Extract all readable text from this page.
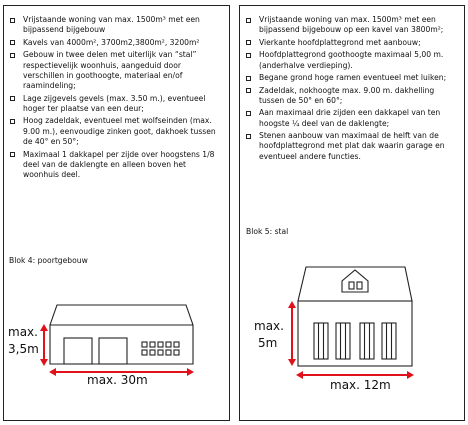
Vrijstaande woning van max. 1500m³ met een bijpassend bijgebouw
Kavels van 4000m², 3700m2,3800m², 3200m²
Gebouw in twee delen met uiterlijk van “stal” respectievelijk woonhuis, aangeduid door verschillen in goothoogte, materiaal en/of raamindeling;
Lage zijgevels gevels (max. 3.50 m.), eventueel hoger ter plaatse van een deur;
Hoog zadeldak, eventueel met wolfseinden (max. 9.00 m.), eenvoudige zinken goot, dakhoek tussen de 40° en 50°;
Maximaal 1 dakkapel per zijde over hoogstens 1/8 deel van de daklengte en alleen boven het woonhuis deel.
Blok 4: poortgebouw
max.
3,5m
max. 30m
Vrijstaande woning van max. 1500m³ met een bijpassend bijgebouw op een kavel van 3800m²;
Vierkante hoofdplattegrond met aanbouw;
Hoofdplattegrond goothoogte maximaal 5,00 m. (anderhalve verdieping).
Begane grond hoge ramen eventueel met luiken;
Zadeldak, nokhoogte max. 9.00 m. dakhelling tussen de 50° en 60°;
Aan maximaal drie zijden een dakkapel van ten hoogste ¼ deel van de daklengte;
Stenen aanbouw van maximaal de helft van de hoofdplattegrond met plat dak waarin garage en eventueel andere functies.
Blok 5: stal
max.
5m
max. 12m
